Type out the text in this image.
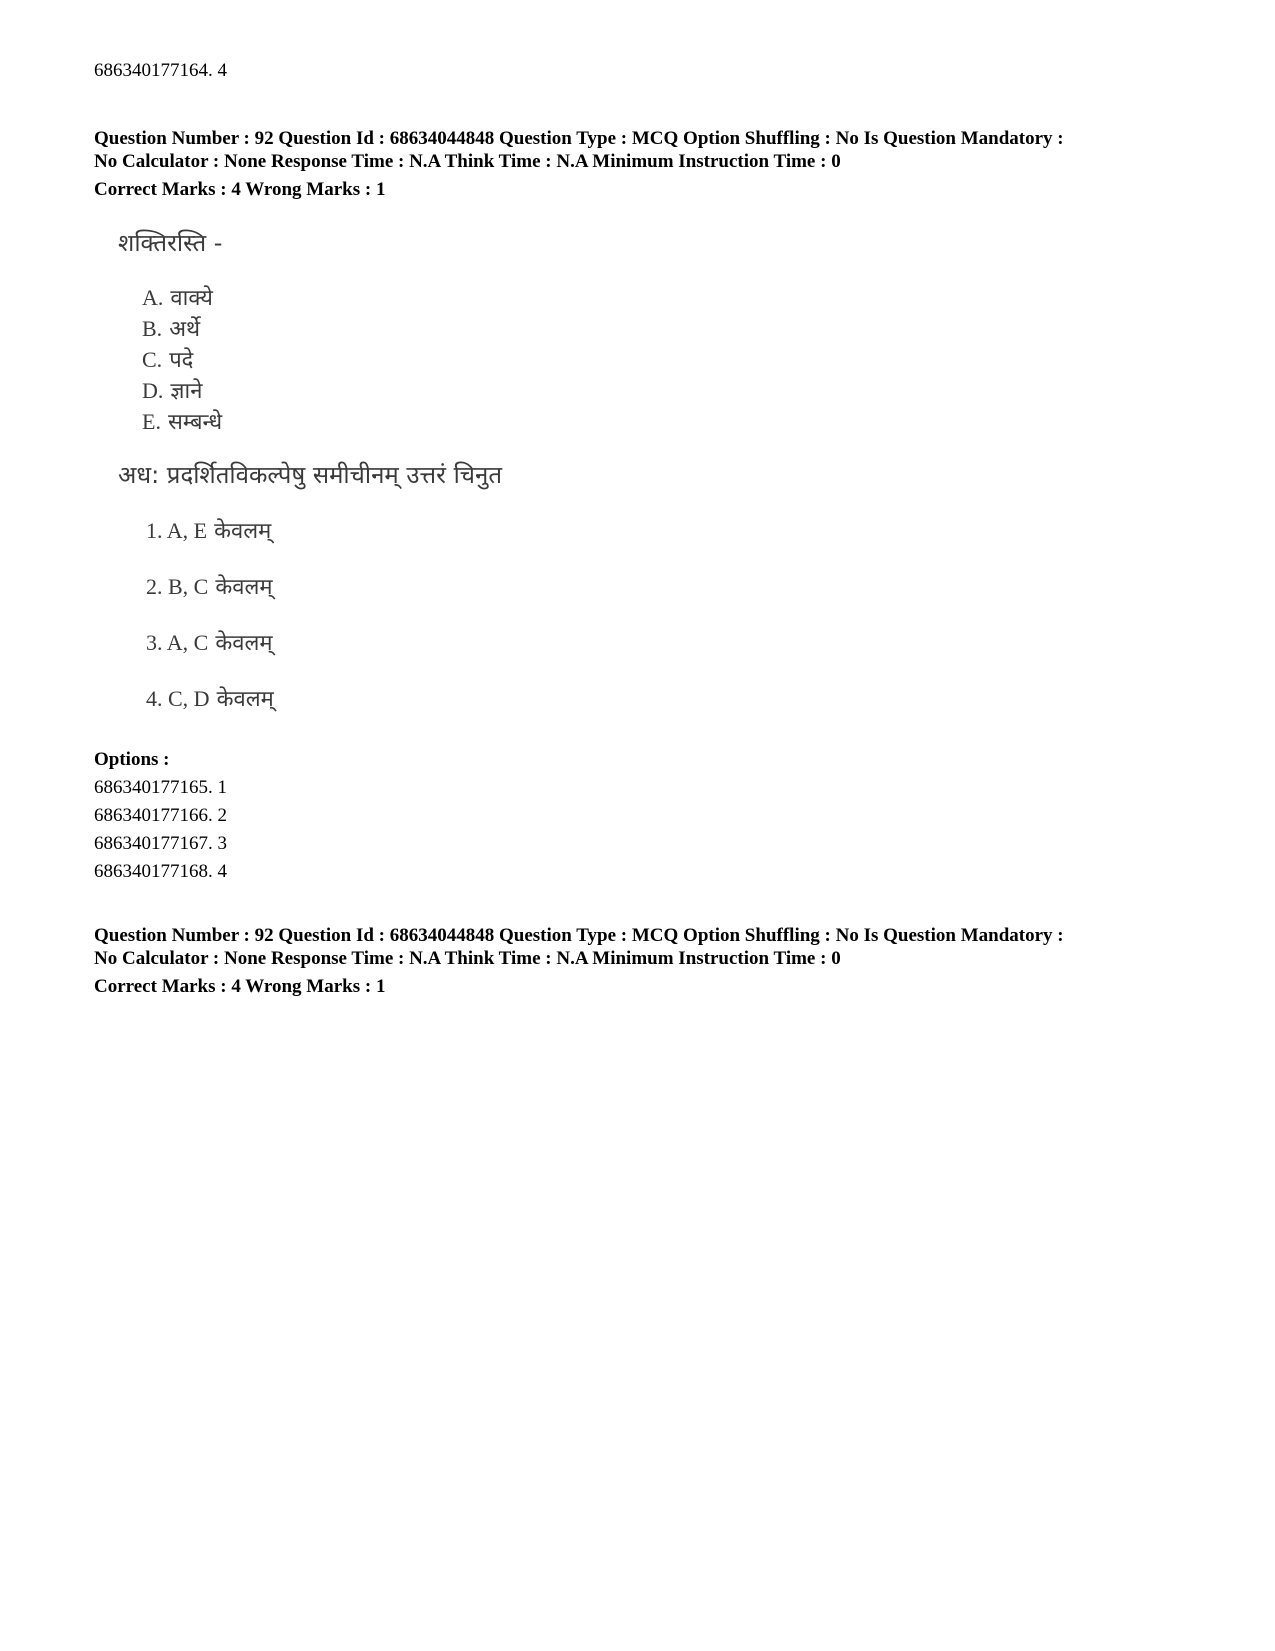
686340177164. 4
Question Number : 92 Question Id : 68634044848 Question Type : MCQ Option Shuffling : No Is Question Mandatory :
No Calculator : None Response Time : N.A Think Time : N.A Minimum Instruction Time : 0
Correct Marks : 4 Wrong Marks : 1
शक्तिरस्ति -
A. वाक्ये
B. अर्थे
C. पदे
D. ज्ञाने
E. सम्बन्धे
अध: प्रदर्शितविकल्पेषु समीचीनम् उत्तरं चिनुत
1. A, E केवलम्
2. B, C केवलम्
3. A, C केवलम्
4. C, D केवलम्
Options :
686340177165. 1
686340177166. 2
686340177167. 3
686340177168. 4
Question Number : 92 Question Id : 68634044848 Question Type : MCQ Option Shuffling : No Is Question Mandatory :
No Calculator : None Response Time : N.A Think Time : N.A Minimum Instruction Time : 0
Correct Marks : 4 Wrong Marks : 1
